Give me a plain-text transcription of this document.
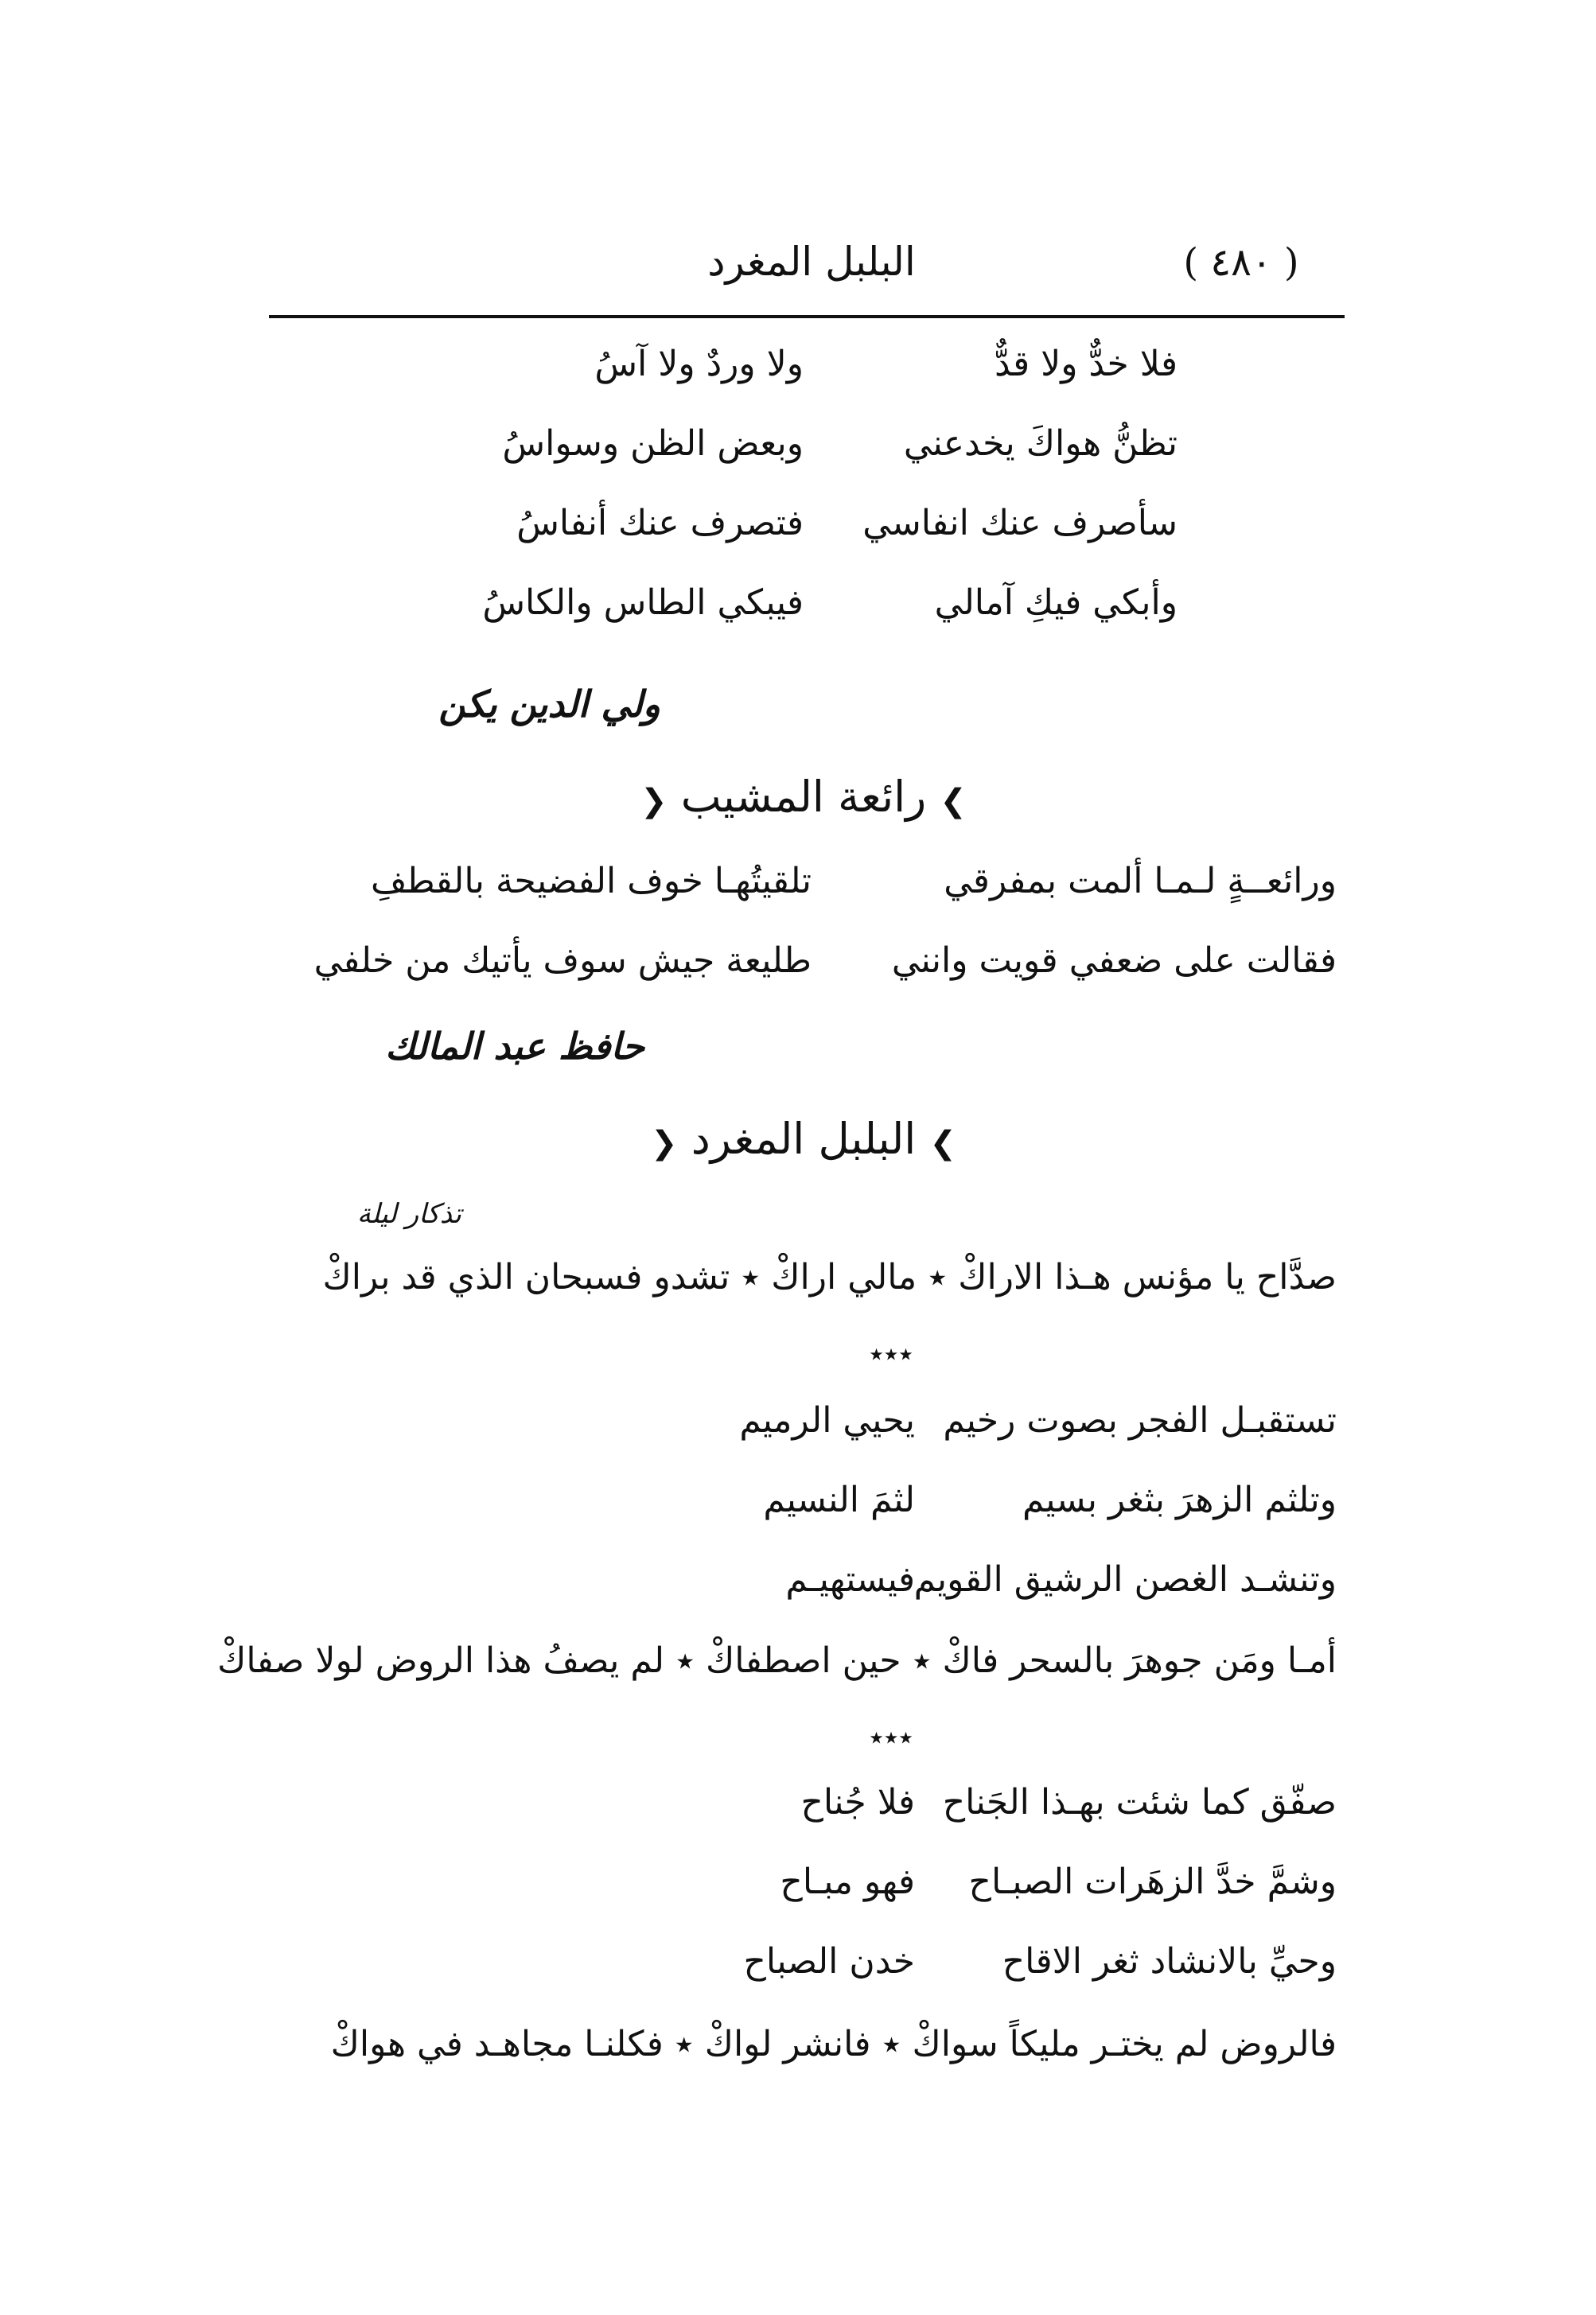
البلبل المغرد	( ٤٨٠ )
فلا خدٌّ ولا قدٌّ
ولا وردٌ ولا آسُ
تظنُّ هواكَ يخدعني
وبعض الظن وسواسُ
سأصرف عنك انفاسي
فتصرف عنك أنفاسُ
وأبكي فيكِ آمالي
فيبكي الطاس والكاسُ
ولي الدين يكن
❯ رائعة المشيب ❮
ورائعــةٍ لـمـا ألمت بمفرقي
تلقيتُهـا خوف الفضيحة بالقطفِ
فقالت على ضعفي قويت وانني
طليعة جيش سوف يأتيك من خلفي
حافظ عبد المالك
❯ البلبل المغرد ❮
تذكار ليلة
صدَّاح يا مؤنس هـذا الاراكْ ٭ مالي اراكْ ٭ تشدو فسبحان الذي قد براكْ
٭٭٭
تستقبـل الفجر بصوت رخيم
يحيي الرميم
وتلثم الزهرَ بثغر بسيم
لثمَ النسيم
وتنشـد الغصن الرشيق القويم
فيستهيـم
أمـا ومَن جوهرَ بالسحر فاكْ ٭ حين اصطفاكْ ٭ لم يصفُ هذا الروض لولا صفاكْ
٭٭٭
صفّق كما شئت بهـذا الجَناح
فلا جُناح
وشمَّ خدَّ الزهَرات الصبـاح
فهو مبـاح
وحيِّ بالانشاد ثغر الاقاح
خدن الصباح
فالروض لم يختـر مليكاً سواكْ ٭ فانشر لواكْ ٭ فكلنـا مجاهـد في هواكْ
